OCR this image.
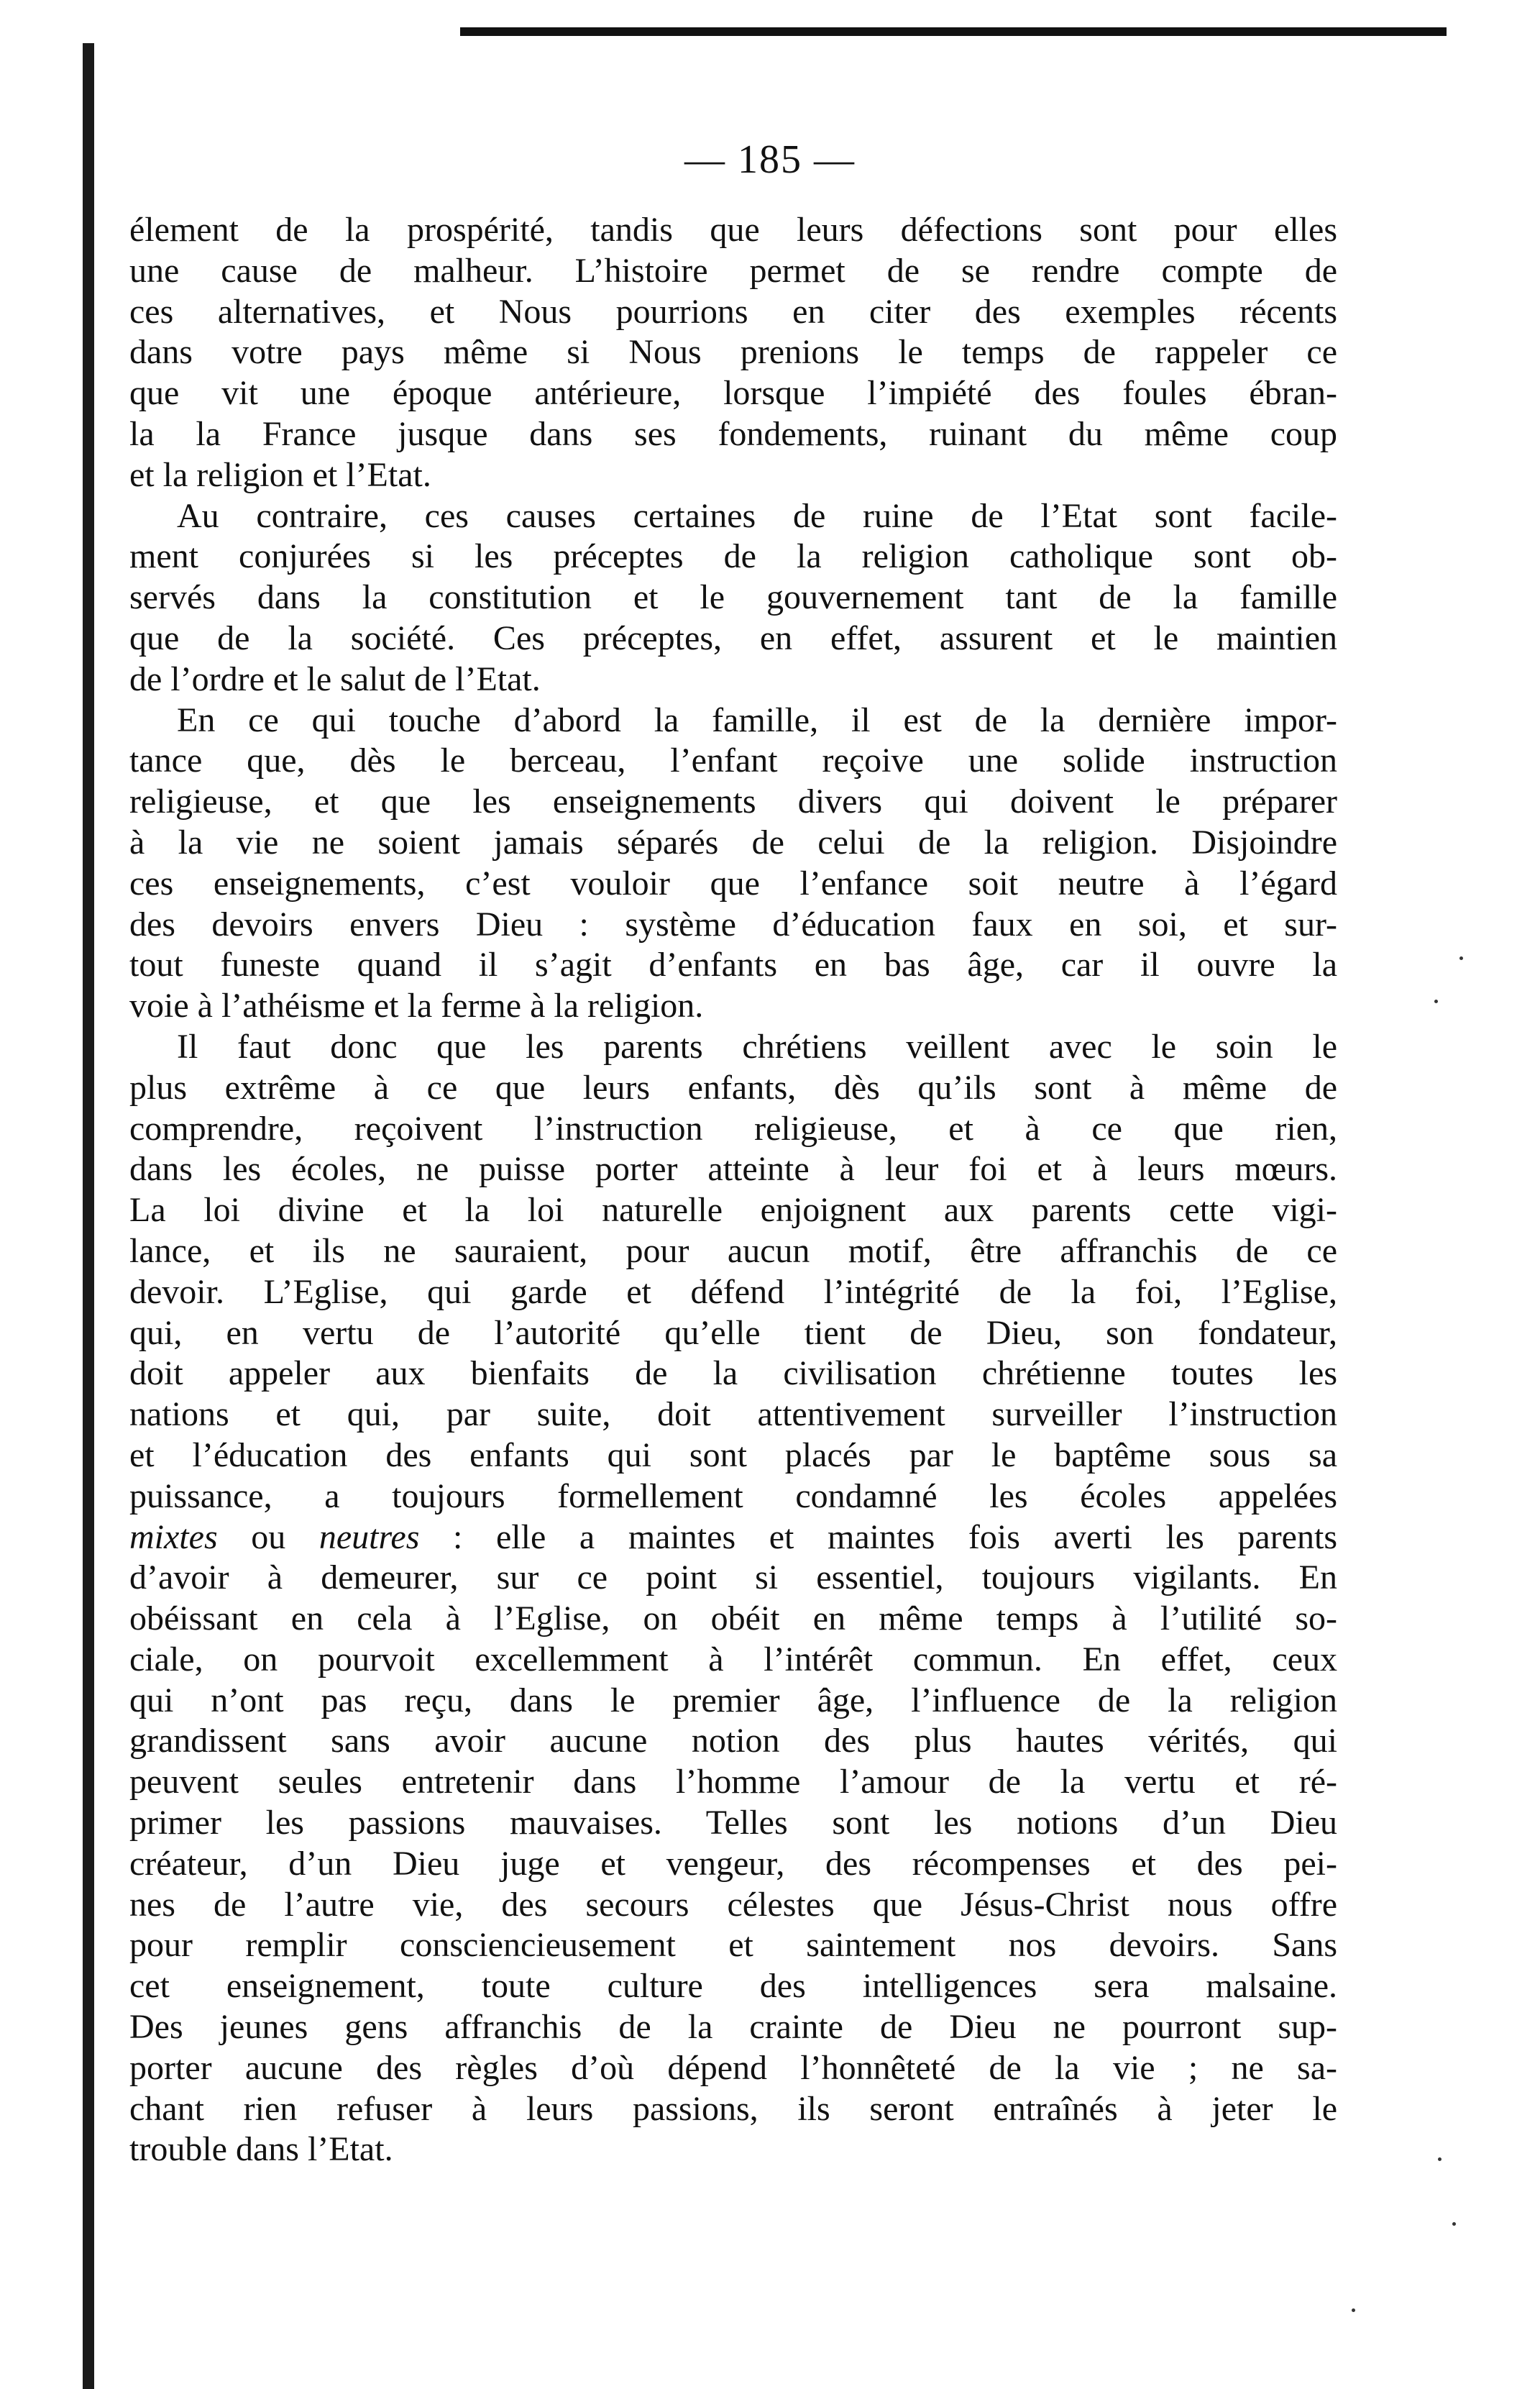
— 185 —
élement de la prospérité, tandis que leurs défections sont pour elles
une cause de malheur. L’histoire permet de se rendre compte de
ces alternatives, et Nous pourrions en citer des exemples récents
dans votre pays même si Nous prenions le temps de rappeler ce
que vit une époque antérieure, lorsque l’impiété des foules ébran-
la la France jusque dans ses fondements, ruinant du même coup
et la religion et l’Etat.
Au contraire, ces causes certaines de ruine de l’Etat sont facile-
ment conjurées si les préceptes de la religion catholique sont ob-
servés dans la constitution et le gouvernement tant de la famille
que de la société. Ces préceptes, en effet, assurent et le maintien
de l’ordre et le salut de l’Etat.
En ce qui touche d’abord la famille, il est de la dernière impor-
tance que, dès le berceau, l’enfant reçoive une solide instruction
religieuse, et que les enseignements divers qui doivent le préparer
à la vie ne soient jamais séparés de celui de la religion. Disjoindre
ces enseignements, c’est vouloir que l’enfance soit neutre à l’égard
des devoirs envers Dieu : système d’éducation faux en soi, et sur-
tout funeste quand il s’agit d’enfants en bas âge, car il ouvre la
voie à l’athéisme et la ferme à la religion.
Il faut donc que les parents chrétiens veillent avec le soin le
plus extrême à ce que leurs enfants, dès qu’ils sont à même de
comprendre, reçoivent l’instruction religieuse, et à ce que rien,
dans les écoles, ne puisse porter atteinte à leur foi et à leurs mœurs.
La loi divine et la loi naturelle enjoignent aux parents cette vigi-
lance, et ils ne sauraient, pour aucun motif, être affranchis de ce
devoir. L’Eglise, qui garde et défend l’intégrité de la foi, l’Eglise,
qui, en vertu de l’autorité qu’elle tient de Dieu, son fondateur,
doit appeler aux bienfaits de la civilisation chrétienne toutes les
nations et qui, par suite, doit attentivement surveiller l’instruction
et l’éducation des enfants qui sont placés par le baptême sous sa
puissance, a toujours formellement condamné les écoles appelées
mixtes ou neutres : elle a maintes et maintes fois averti les parents
d’avoir à demeurer, sur ce point si essentiel, toujours vigilants. En
obéissant en cela à l’Eglise, on obéit en même temps à l’utilité so-
ciale, on pourvoit excellemment à l’intérêt commun. En effet, ceux
qui n’ont pas reçu, dans le premier âge, l’influence de la religion
grandissent sans avoir aucune notion des plus hautes vérités, qui
peuvent seules entretenir dans l’homme l’amour de la vertu et ré-
primer les passions mauvaises. Telles sont les notions d’un Dieu
créateur, d’un Dieu juge et vengeur, des récompenses et des pei-
nes de l’autre vie, des secours célestes que Jésus-Christ nous offre
pour remplir consciencieusement et saintement nos devoirs. Sans
cet enseignement, toute culture des intelligences sera malsaine.
Des jeunes gens affranchis de la crainte de Dieu ne pourront sup-
porter aucune des règles d’où dépend l’honnêteté de la vie ; ne sa-
chant rien refuser à leurs passions, ils seront entraînés à jeter le
trouble dans l’Etat.
